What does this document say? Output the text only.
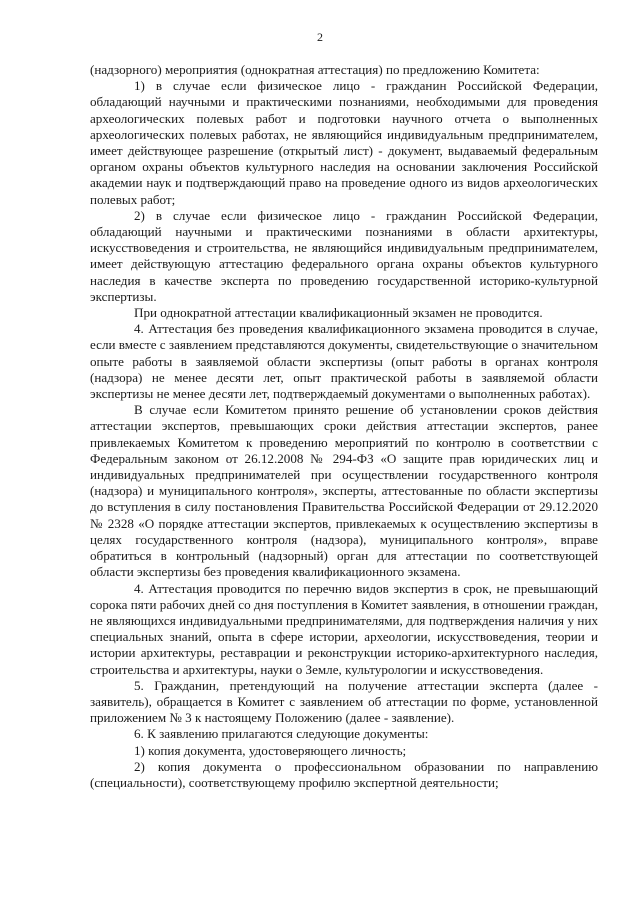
2

(надзорного) мероприятия (однократная аттестация) по предложению Комитета:

1) в случае если физическое лицо - гражданин Российской Федерации, обладающий научными и практическими познаниями, необходимыми для проведения археологических полевых работ и подготовки научного отчета о выполненных археологических полевых работах, не являющийся индивидуальным предпринимателем, имеет действующее разрешение (открытый лист) - документ, выдаваемый федеральным органом охраны объектов культурного наследия на основании заключения Российской академии наук и подтверждающий право на проведение одного из видов археологических полевых работ;

2) в случае если физическое лицо - гражданин Российской Федерации, обладающий научными и практическими познаниями в области архитектуры, искусствоведения и строительства, не являющийся индивидуальным предпринимателем, имеет действующую аттестацию федерального органа охраны объектов культурного наследия в качестве эксперта по проведению государственной историко-культурной экспертизы.

При однократной аттестации квалификационный экзамен не проводится.

4. Аттестация без проведения квалификационного экзамена проводится в случае, если вместе с заявлением представляются документы, свидетельствующие о значительном опыте работы в заявляемой области экспертизы (опыт работы в органах контроля (надзора) не менее десяти лет, опыт практической работы в заявляемой области экспертизы не менее десяти лет, подтверждаемый документами о выполненных работах).

В случае если Комитетом принято решение об установлении сроков действия аттестации экспертов, превышающих сроки действия аттестации экспертов, ранее привлекаемых Комитетом к проведению мероприятий по контролю в соответствии с Федеральным законом от 26.12.2008 № 294-ФЗ «О защите прав юридических лиц и индивидуальных предпринимателей при осуществлении государственного контроля (надзора) и муниципального контроля», эксперты, аттестованные по области экспертизы до вступления в силу постановления Правительства Российской Федерации от 29.12.2020 № 2328 «О порядке аттестации экспертов, привлекаемых к осуществлению экспертизы в целях государственного контроля (надзора), муниципального контроля», вправе обратиться в контрольный (надзорный) орган для аттестации по соответствующей области экспертизы без проведения квалификационного экзамена.

4. Аттестация проводится по перечню видов экспертиз в срок, не превышающий сорока пяти рабочих дней со дня поступления в Комитет заявления, в отношении граждан, не являющихся индивидуальными предпринимателями, для подтверждения наличия у них специальных знаний, опыта в сфере истории, археологии, искусствоведения, теории и истории архитектуры, реставрации и реконструкции историко-архитектурного наследия, строительства и архитектуры, науки о Земле, культурологии и искусствоведения.

5. Гражданин, претендующий на получение аттестации эксперта (далее - заявитель), обращается в Комитет с заявлением об аттестации по форме, установленной приложением № 3 к настоящему Положению (далее - заявление).

6. К заявлению прилагаются следующие документы:

1) копия документа, удостоверяющего личность;

2) копия документа о профессиональном образовании по направлению (специальности), соответствующему профилю экспертной деятельности;
